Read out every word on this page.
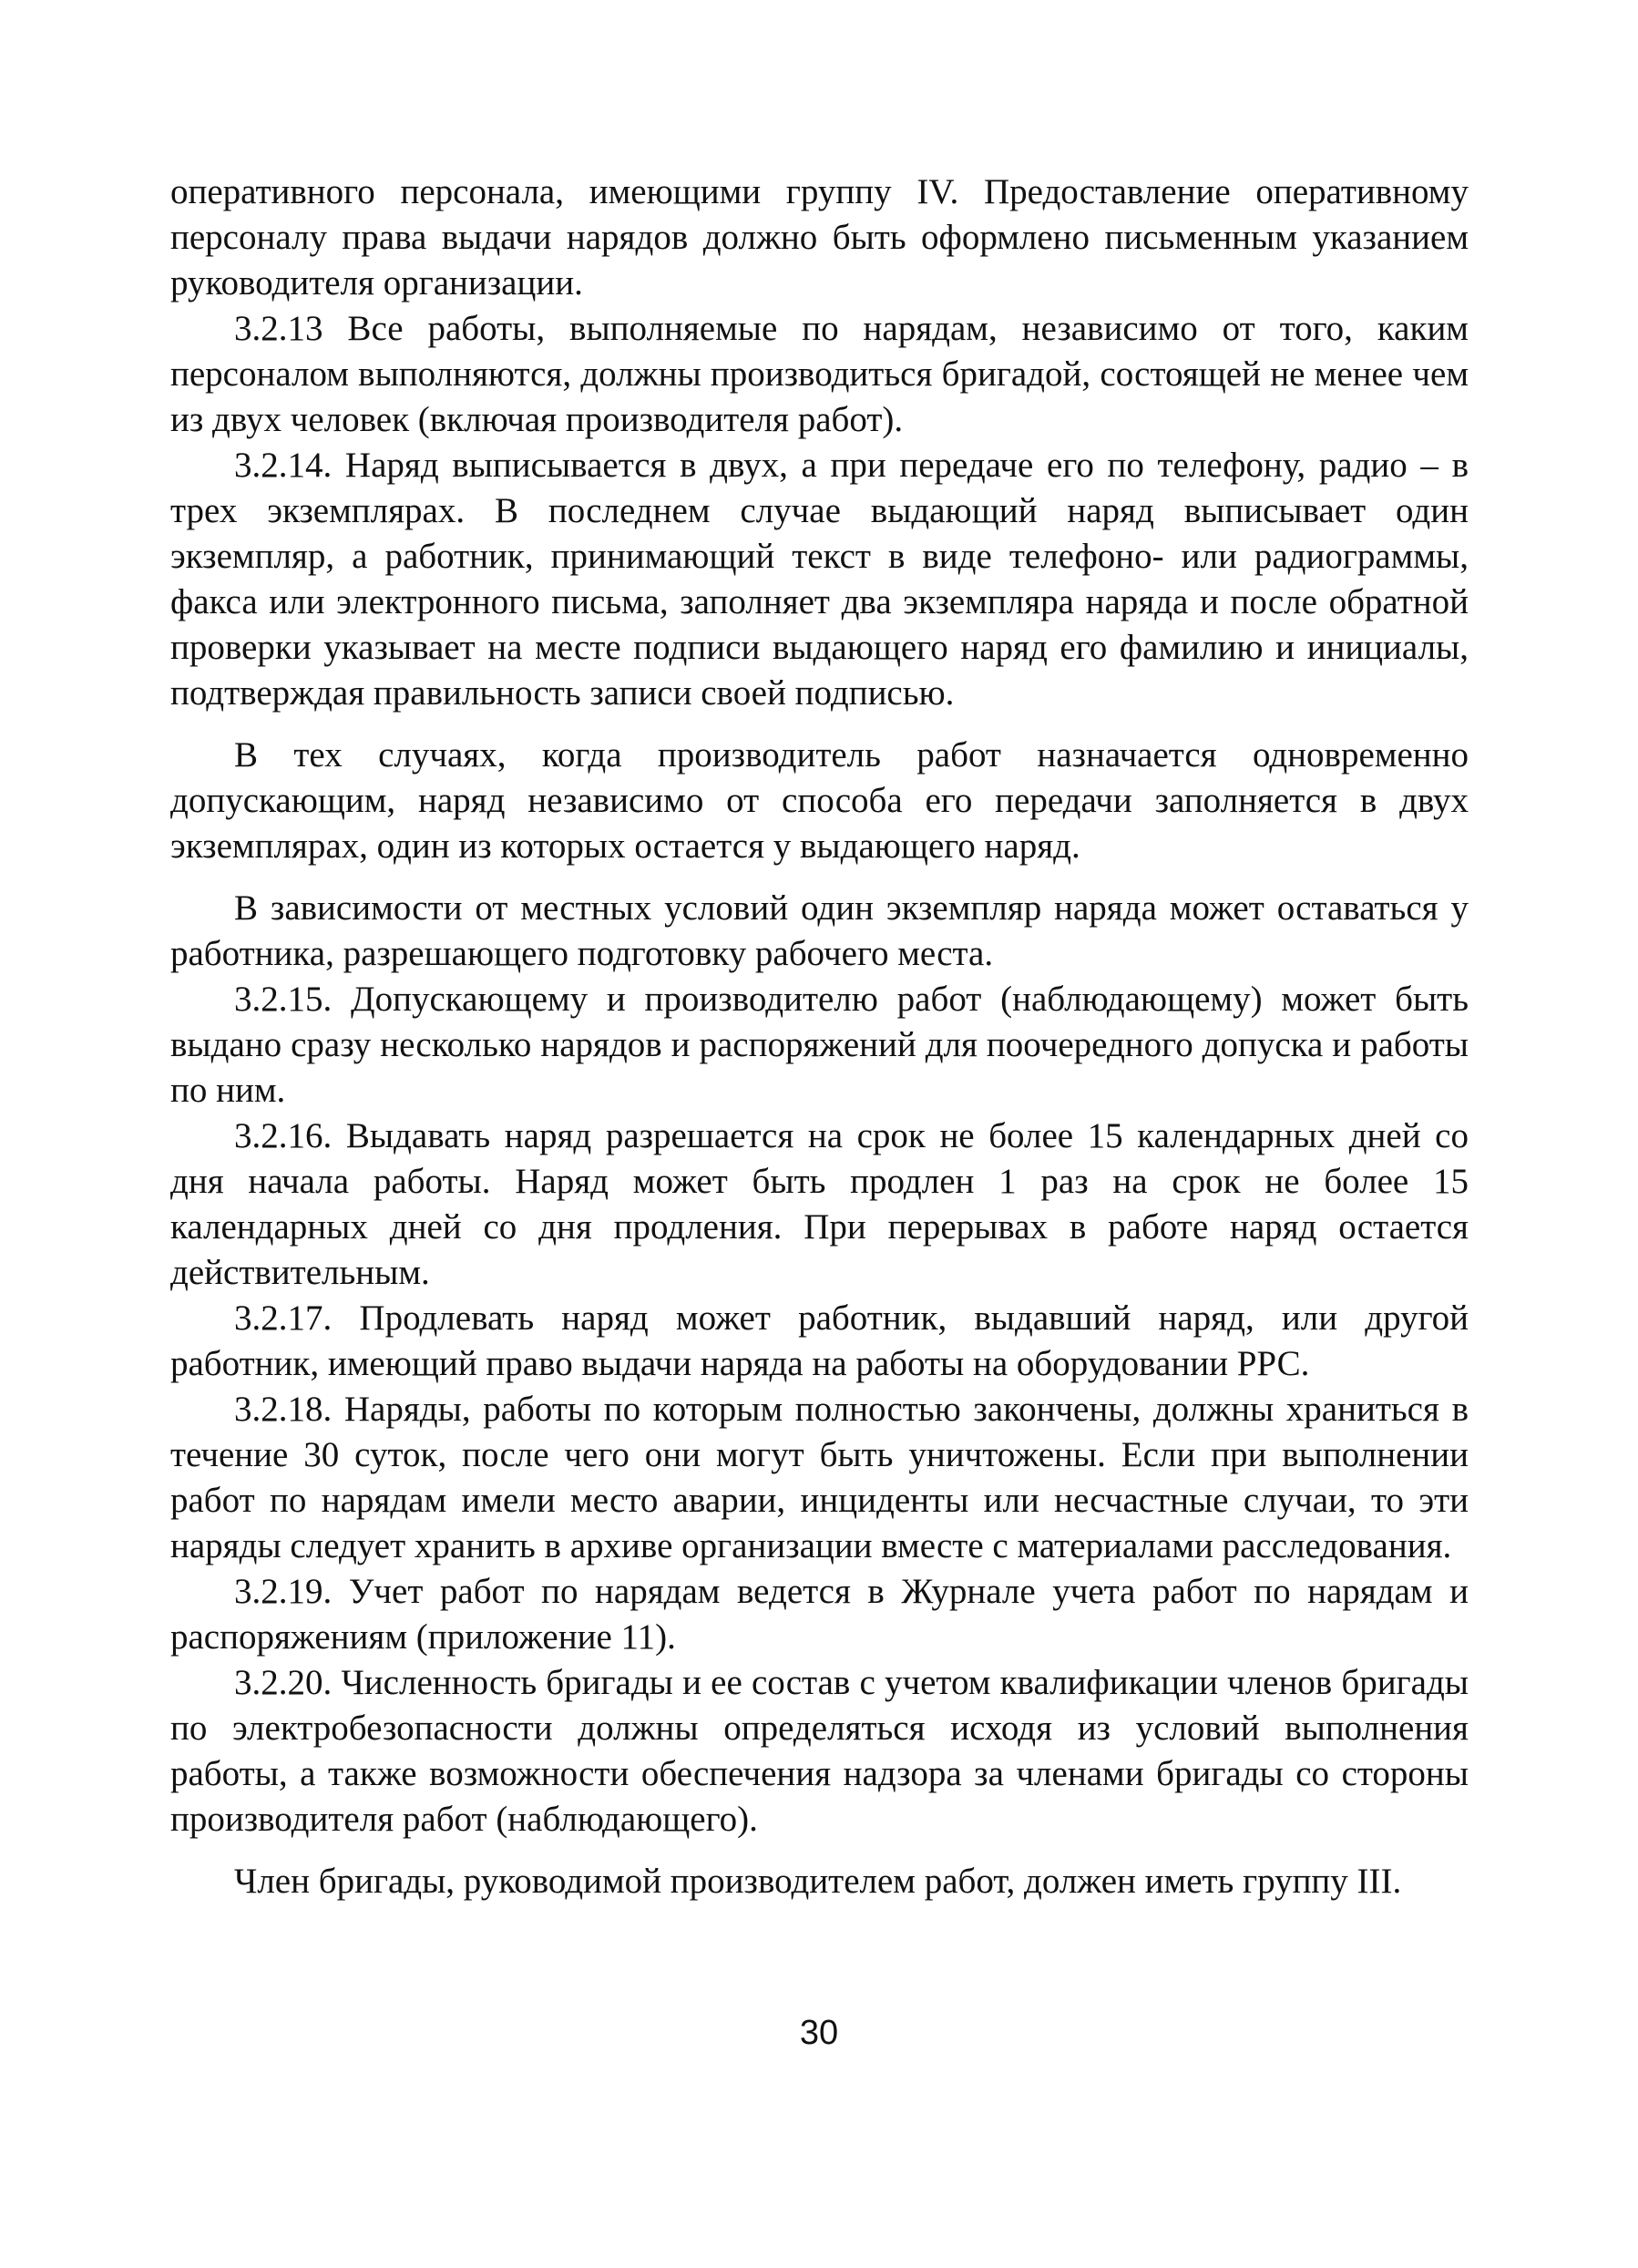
оперативного персонала, имеющими группу IV. Предоставление оперативному персоналу права выдачи нарядов должно быть оформлено письменным указанием руководителя организации.

3.2.13 Все работы, выполняемые по нарядам, независимо от того, каким персоналом выполняются, должны производиться бригадой, состоящей не менее чем из двух человек (включая производителя работ).

3.2.14. Наряд выписывается в двух, а при передаче его по телефону, радио – в трех экземплярах. В последнем случае выдающий наряд выписывает один экземпляр, а работник, принимающий текст в виде телефоно- или радиограммы, факса или электронного письма, заполняет два экземпляра наряда и после обратной проверки указывает на месте подписи выдающего наряд его фамилию и инициалы, подтверждая правильность записи своей подписью.

В тех случаях, когда производитель работ назначается одновременно допускающим, наряд независимо от способа его передачи заполняется в двух экземплярах, один из которых остается у выдающего наряд.

В зависимости от местных условий один экземпляр наряда может оставаться у работника, разрешающего подготовку рабочего места.

3.2.15. Допускающему и производителю работ (наблюдающему) может быть выдано сразу несколько нарядов и распоряжений для поочередного допуска и работы по ним.

3.2.16. Выдавать наряд разрешается на срок не более 15 календарных дней со дня начала работы. Наряд может быть продлен 1 раз на срок не более 15 календарных дней со дня продления. При перерывах в работе наряд остается действительным.

3.2.17. Продлевать наряд может работник, выдавший наряд, или другой работник, имеющий право выдачи наряда на работы на оборудовании РРС.

3.2.18. Наряды, работы по которым полностью закончены, должны храниться в течение 30 суток, после чего они могут быть уничтожены. Если при выполнении работ по нарядам имели место аварии, инциденты или несчастные случаи, то эти наряды следует хранить в архиве организации вместе с материалами расследования.

3.2.19. Учет работ по нарядам ведется в Журнале учета работ по нарядам и распоряжениям (приложение 11).

3.2.20. Численность бригады и ее состав с учетом квалификации членов бригады по электробезопасности должны определяться исходя из условий выполнения работы, а также возможности обеспечения надзора за членами бригады со стороны производителя работ (наблюдающего).

Член бригады, руководимой производителем работ, должен иметь группу III.

30
